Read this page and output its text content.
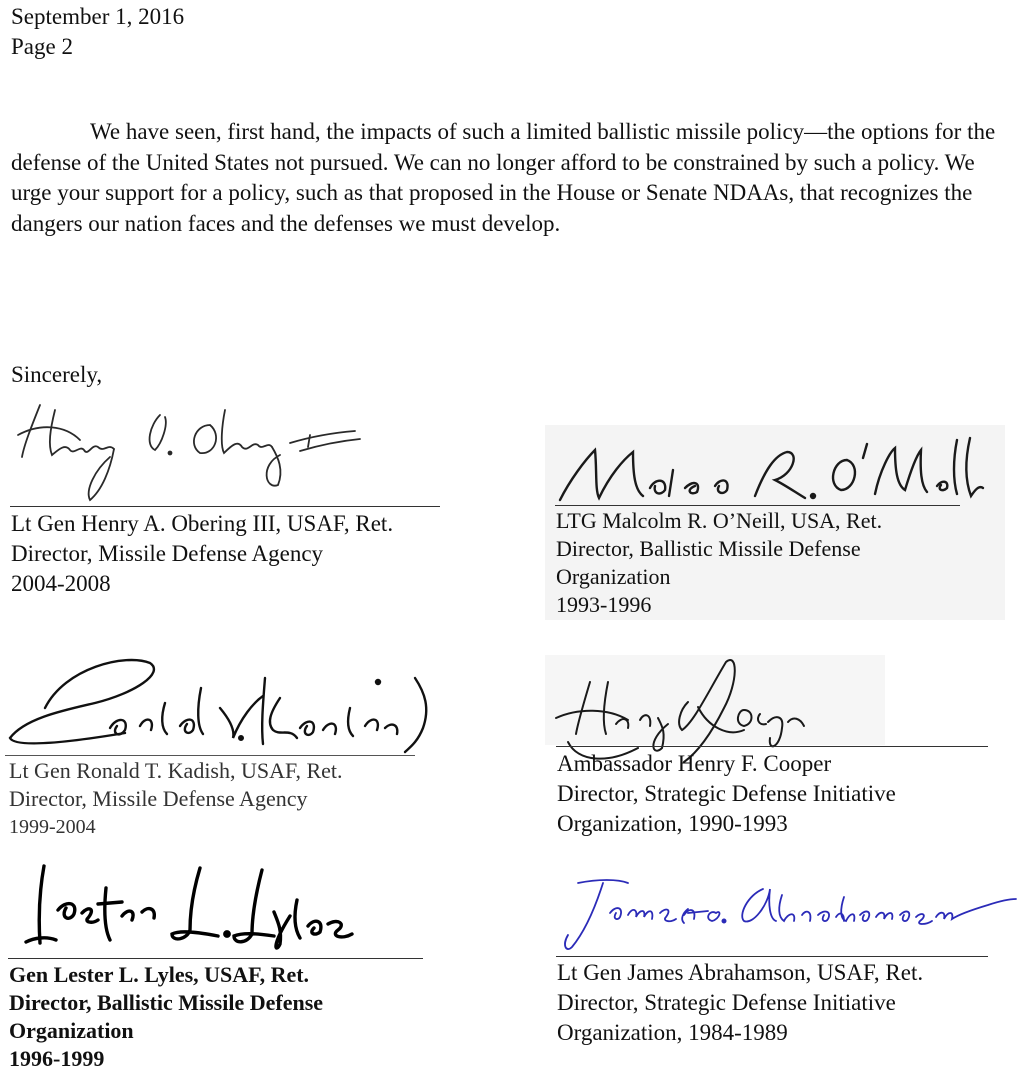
September 1, 2016
Page 2

We have seen, first hand, the impacts of such a limited ballistic missile policy—the options for the defense of the United States not pursued. We can no longer afford to be constrained by such a policy. We urge your support for a policy, such as that proposed in the House or Senate NDAAs, that recognizes the dangers our nation faces and the defenses we must develop.

Sincerely,
Lt Gen Henry A. Obering III, USAF, Ret.
Director, Missile Defense Agency
2004-2008
LTG Malcolm R. O’Neill, USA, Ret.
Director, Ballistic Missile Defense
Organization
1993-1996
Lt Gen Ronald T. Kadish, USAF, Ret.
Director, Missile Defense Agency
1999-2004
Ambassador Henry F. Cooper
Director, Strategic Defense Initiative
Organization, 1990-1993
Gen Lester L. Lyles, USAF, Ret.
Director, Ballistic Missile Defense
Organization
1996-1999
Lt Gen James Abrahamson, USAF, Ret.
Director, Strategic Defense Initiative
Organization, 1984-1989
